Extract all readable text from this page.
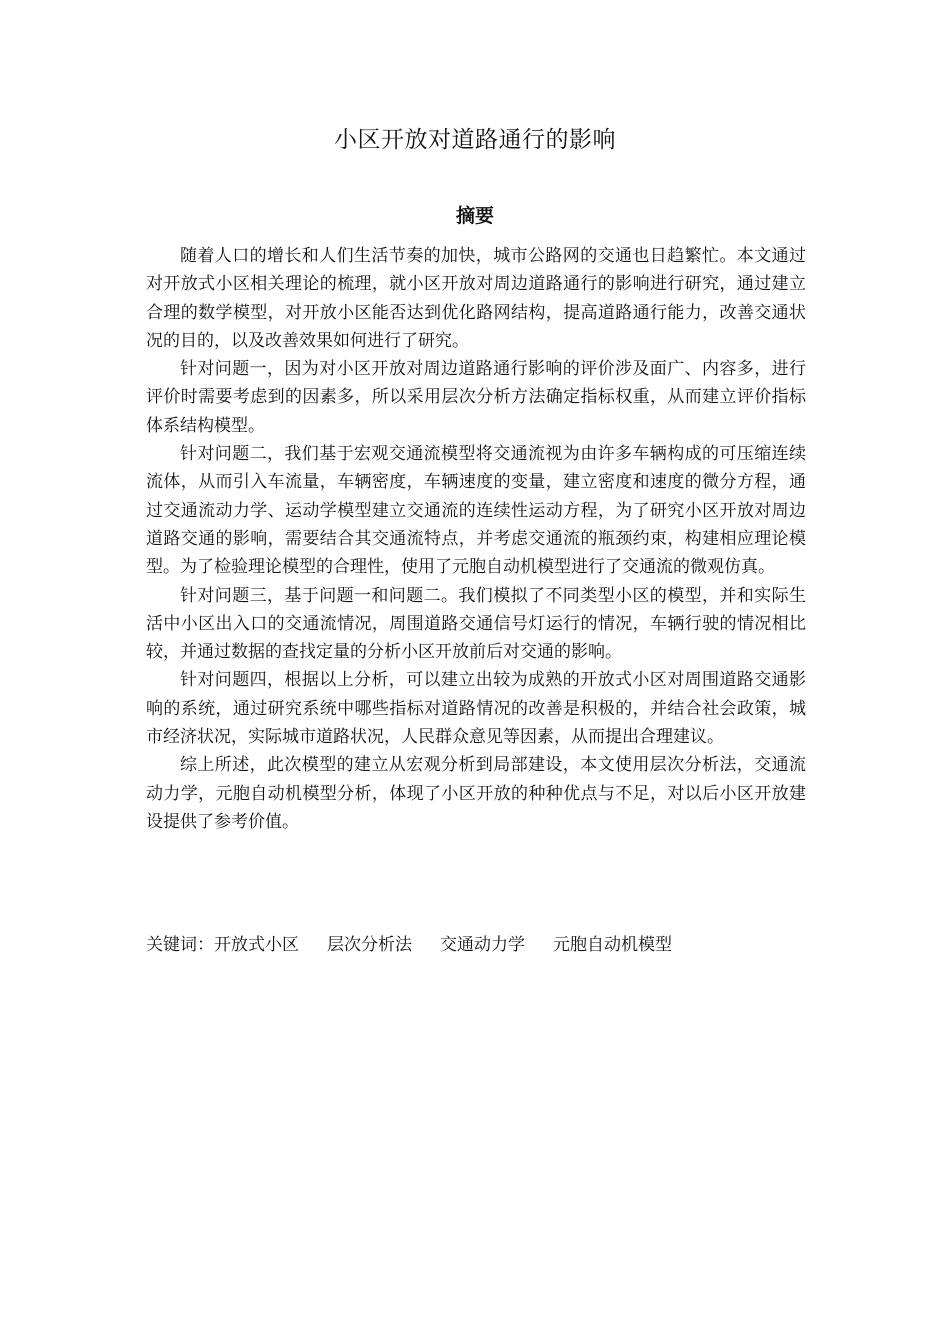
小区开放对道路通行的影响
摘要

随着人口的增长和人们生活节奏的加快，城市公路网的交通也日趋繁忙。本文通过对开放式小区相关理论的梳理，就小区开放对周边道路通行的影响进行研究，通过建立合理的数学模型，对开放小区能否达到优化路网结构，提高道路通行能力，改善交通状况的目的，以及改善效果如何进行了研究。

针对问题一，因为对小区开放对周边道路通行影响的评价涉及面广、内容多，进行评价时需要考虑到的因素多，所以采用层次分析方法确定指标权重，从而建立评价指标体系结构模型。

针对问题二，我们基于宏观交通流模型将交通流视为由许多车辆构成的可压缩连续流体，从而引入车流量，车辆密度，车辆速度的变量，建立密度和速度的微分方程，通过交通流动力学、运动学模型建立交通流的连续性运动方程，为了研究小区开放对周边道路交通的影响，需要结合其交通流特点，并考虑交通流的瓶颈约束，构建相应理论模型。为了检验理论模型的合理性，使用了元胞自动机模型进行了交通流的微观仿真。

针对问题三，基于问题一和问题二。我们模拟了不同类型小区的模型，并和实际生活中小区出入口的交通流情况，周围道路交通信号灯运行的情况，车辆行驶的情况相比较，并通过数据的查找定量的分析小区开放前后对交通的影响。

针对问题四，根据以上分析，可以建立出较为成熟的开放式小区对周围道路交通影响的系统，通过研究系统中哪些指标对道路情况的改善是积极的，并结合社会政策，城市经济状况，实际城市道路状况，人民群众意见等因素，从而提出合理建议。

综上所述，此次模型的建立从宏观分析到局部建设，本文使用层次分析法，交通流动力学，元胞自动机模型分析，体现了小区开放的种种优点与不足，对以后小区开放建设提供了参考价值。

关键词：开放式小区 层次分析法 交通动力学 元胞自动机模型
